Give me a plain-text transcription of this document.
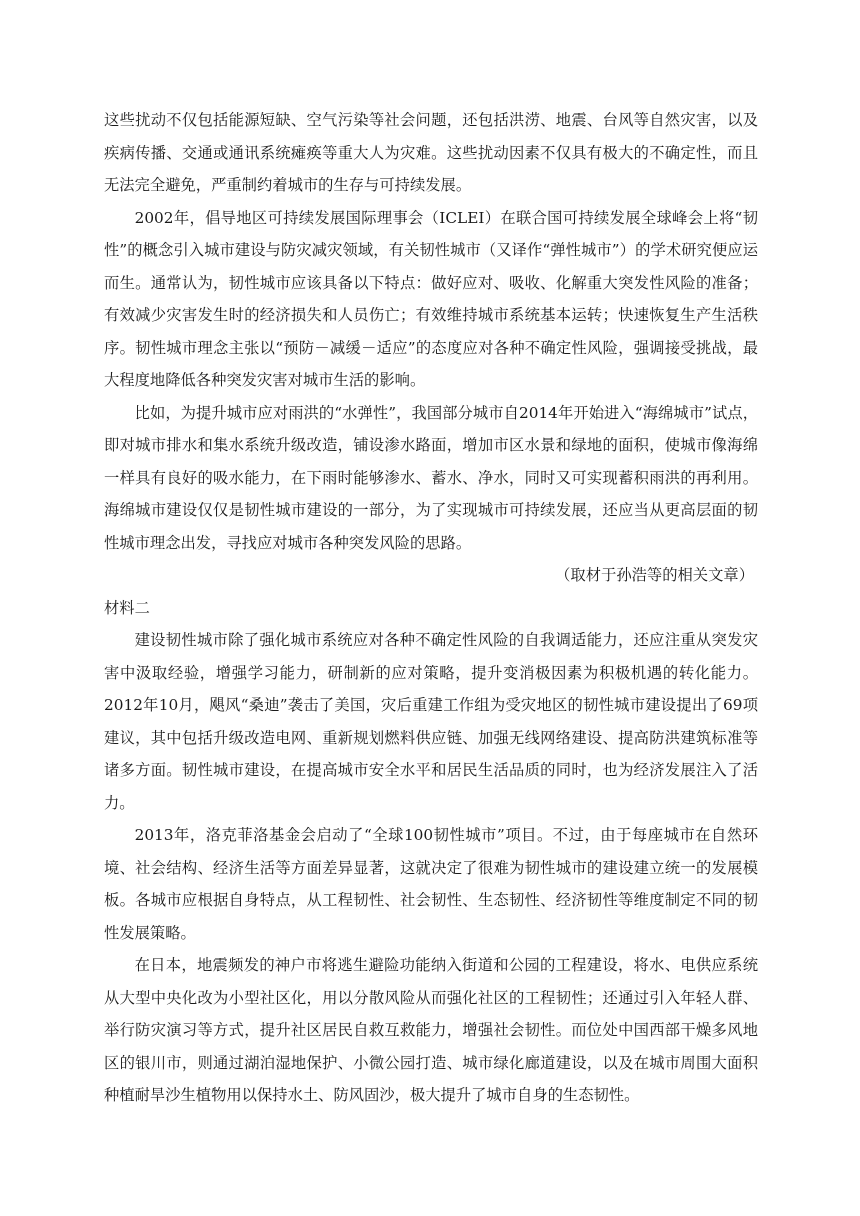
这些扰动不仅包括能源短缺、空气污染等社会问题，还包括洪涝、地震、台风等自然灾害，以及疾病传播、交通或通讯系统瘫痪等重大人为灾难。这些扰动因素不仅具有极大的不确定性，而且无法完全避免，严重制约着城市的生存与可持续发展。

2002年，倡导地区可持续发展国际理事会（ICLEI）在联合国可持续发展全球峰会上将“韧性”的概念引入城市建设与防灾减灾领域，有关韧性城市（又译作“弹性城市”）的学术研究便应运而生。通常认为，韧性城市应该具备以下特点：做好应对、吸收、化解重大突发性风险的准备；有效减少灾害发生时的经济损失和人员伤亡；有效维持城市系统基本运转；快速恢复生产生活秩序。韧性城市理念主张以“预防－减缓－适应”的态度应对各种不确定性风险，强调接受挑战，最大程度地降低各种突发灾害对城市生活的影响。

比如，为提升城市应对雨洪的“水弹性”，我国部分城市自2014年开始进入“海绵城市”试点，即对城市排水和集水系统升级改造，铺设渗水路面，增加市区水景和绿地的面积，使城市像海绵一样具有良好的吸水能力，在下雨时能够渗水、蓄水、净水，同时又可实现蓄积雨洪的再利用。海绵城市建设仅仅是韧性城市建设的一部分，为了实现城市可持续发展，还应当从更高层面的韧性城市理念出发，寻找应对城市各种突发风险的思路。

（取材于孙浩等的相关文章）

材料二

建设韧性城市除了强化城市系统应对各种不确定性风险的自我调适能力，还应注重从突发灾害中汲取经验，增强学习能力，研制新的应对策略，提升变消极因素为积极机遇的转化能力。2012年10月，飓风“桑迪”袭击了美国，灾后重建工作组为受灾地区的韧性城市建设提出了69项建议，其中包括升级改造电网、重新规划燃料供应链、加强无线网络建设、提高防洪建筑标准等诸多方面。韧性城市建设，在提高城市安全水平和居民生活品质的同时，也为经济发展注入了活力。

2013年，洛克菲洛基金会启动了“全球100韧性城市”项目。不过，由于每座城市在自然环境、社会结构、经济生活等方面差异显著，这就决定了很难为韧性城市的建设建立统一的发展模板。各城市应根据自身特点，从工程韧性、社会韧性、生态韧性、经济韧性等维度制定不同的韧性发展策略。

在日本，地震频发的神户市将逃生避险功能纳入街道和公园的工程建设，将水、电供应系统从大型中央化改为小型社区化，用以分散风险从而强化社区的工程韧性；还通过引入年轻人群、举行防灾演习等方式，提升社区居民自救互救能力，增强社会韧性。而位处中国西部干燥多风地区的银川市，则通过湖泊湿地保护、小微公园打造、城市绿化廊道建设，以及在城市周围大面积种植耐旱沙生植物用以保持水土、防风固沙，极大提升了城市自身的生态韧性。
